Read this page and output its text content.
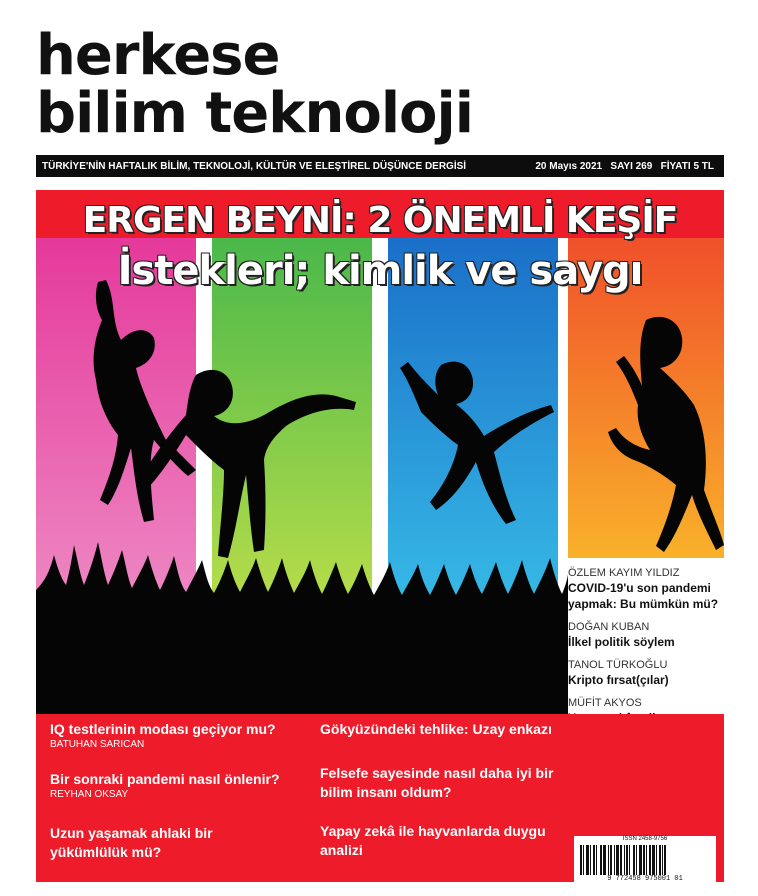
herkese
bilim teknoloji
TÜRKİYE'NİN HAFTALIK BİLİM, TEKNOLOJİ, KÜLTÜR VE ELEŞTİREL DÜŞÜNCE DERGİSİ	20 Mayıs 2021 SAYI 269 FİYATI 5 TL
ERGEN BEYNİ: 2 ÖNEMLİ KEŞİF
İstekleri; kimlik ve saygı
ÖZLEM KAYIM YILDIZ
COVID-19'u son pandemi yapmak: Bu mümkün mü?
DOĞAN KUBAN
İlkel politik söylem
TANOL TÜRKOĞLU
Kripto fırsat(çılar)
MÜFİT AKYOS
IQ testlerinin modası geçiyor mu?
BATUHAN SARICAN
Bir sonraki pandemi nasıl önlenir?
REYHAN OKSAY
Uzun yaşamak ahlaki bir yükümlülük mü?
Gökyüzündeki tehlike: Uzay enkazı
Felsefe sayesinde nasıl daha iyi bir bilim insanı oldum?
Yapay zekâ ile hayvanlarda duygu analizi
ISSN 2458-9756
9 772458 975001 01
